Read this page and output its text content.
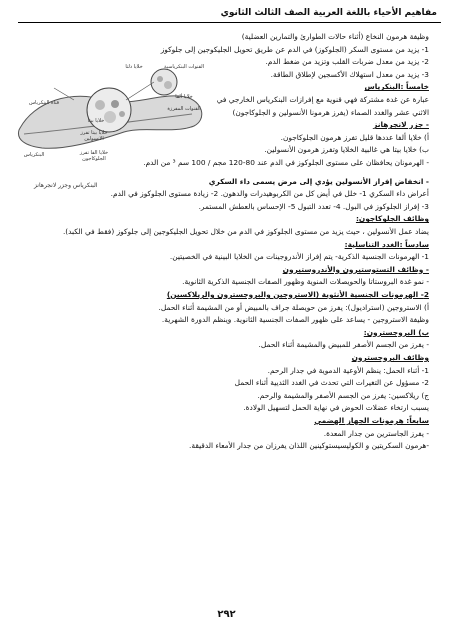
مفاهيم الأحياء باللغة العربية الصف الثالث الثانوي
خلايا ألفا
القنوات المفرزة
خلايا بيتا
البنكرياس
خلايا دلتا
قناة البنكرياس
خلايا بيتا تفرز الانسولين
خلايا الفا تفرز الجلوكاجون
القنوات البنكرياسية
البنكرياس وجزر لانجرهانز
وظيفة هرمون النخاع (أثناء حالات الطوارئ والتمارين العضلية)
1- يزيد من مستوى السكر (الجلوكوز) في الدم عن طريق تحويل الجليكوجين إلى جلوكوز
2- يزيد من معدل ضربات القلب وتزيد من ضغط الدم.
3- يزيد من معدل استهلاك الأكسجين لإطلاق الطاقة.
خامساً :البنكرياس
عبارة عن غدة مشتركة فهي قنوية مع إفرازات البنكرياس الخارجي في
الاثني عشر والغدد الصماء (يفرز هرمونا الأنسولين و الجلوكاجون)
- جزر لانجرهانز
أ) خلايا ألفا عددها قليل تفرز هرمون الجلوكاجون.
ب) خلايا بيتا هي غالبية الخلايا وتفرز هرمون الأنسولين.
- الهرمونان يحافظان على مستوى الجلوكوز في الدم عند 80-120 مجم / 100 سم ³ من الدم.
- انخفاض إفراز الأنسولين يؤدي إلى مرض يسمى داء السكري
أعراض داء السكري 1- خلل في أيض كل من الكربوهيدرات والدهون. 2- زيادة مستوى الجلوكوز في الدم.
3- إفراز الجلوكوز في البول. 4- تعدد التبول 5- الإحساس بالعطش المستمر.
وظائف الجلوكاجون:
يضاد عمل الأنسولين ، حيث يزيد من مستوى الجلوكوز في الدم من خلال تحويل الجليكوجين إلى جلوكوز (فقط في الكبد).
سادساً :الغدد التناسلية:
1- الهرمونات الجنسية الذكرية- يتم إفراز الأندروجينات من الخلايا البينية في الخصيتين.
- وظائف التستوستيرون والأندروستيرون
- نمو غدة البروستاتا والحويصلات المنوية وظهور الصفات الجنسية الذكرية الثانوية.
2- الهرمونات الجنسية الأنثوية (الاستروجين والبروجسترون والريلاكسين)
أ) الاستروجين (استراديول): يفرز من حويصلة جراف بالمبيض أو من المشيمة أثناء الحمل.
وظيفة الاستروجين - يساعد على ظهور الصفات الجنسية الثانوية. وينظم الدورة الشهرية.
ب) البروجسترون:
- يفرز من الجسم الأصفر للمبيض والمشيمة أثناء الحمل.
وظائف البروجسترون
1- أثناء الحمل: ينظم الأوعية الدموية في جدار الرحم.
2- مسؤول عن التغيرات التي تحدث في الغدد الثديية أثناء الحمل
ج) ريلاكسين: يفرز من الجسم الأصفر والمشيمة والرحم.
يسبب ارتخاء عضلات الحوض في نهاية الحمل لتسهيل الولادة.
سابعاً: هرمونات الجهاز الهضمي
- يفرز الجاسترين من جدار المعدة.
-هرمون السكريتين و الكوليسيستوكينين اللذان يفرزان من جدار الأمعاء الدقيقة.
٢٩٢
